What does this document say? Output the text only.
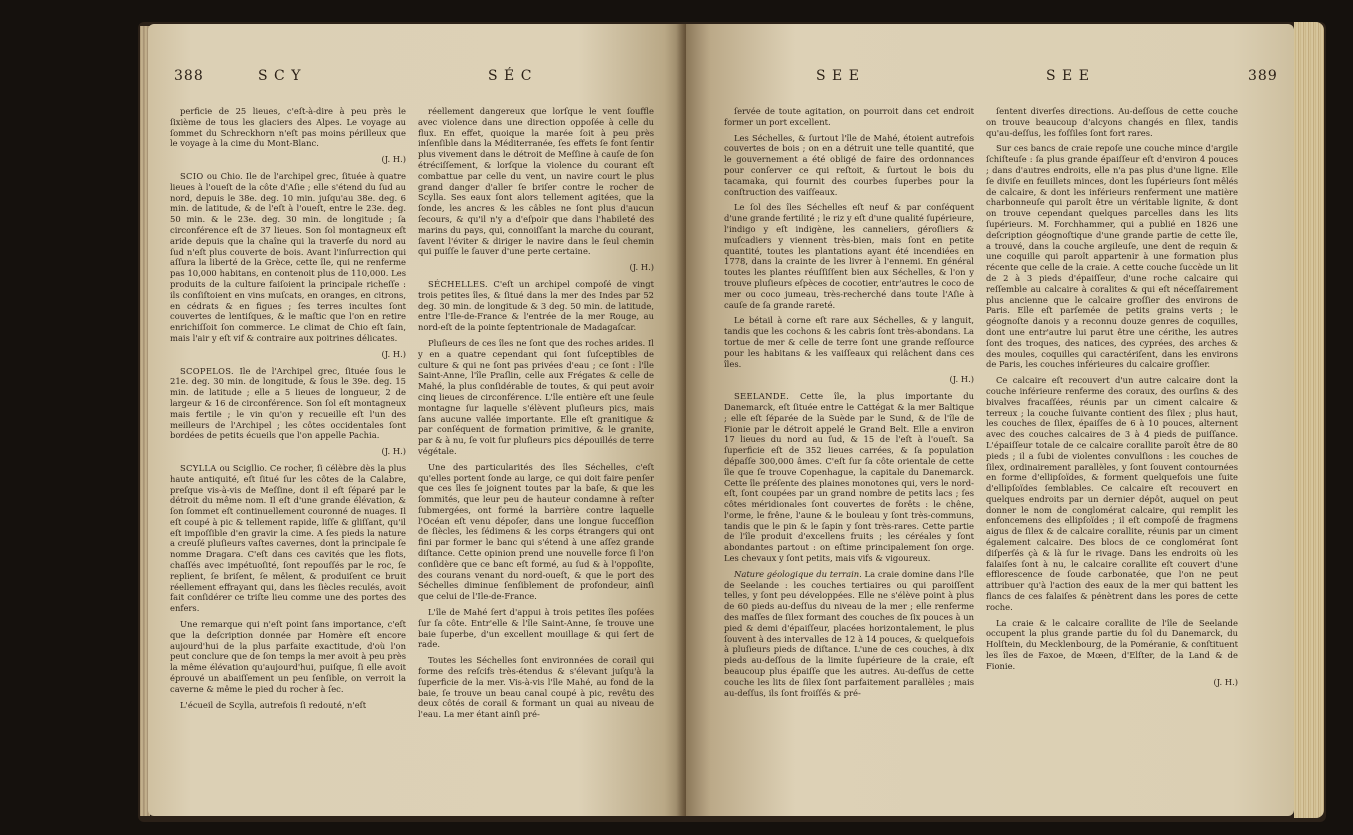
388	S C Y	S É C

perficie de 25 lieues, c'eſt-à-dire à peu près le ſixième de tous les glaciers des Alpes. Le voyage au ſommet du Schreckhorn n'eſt pas moins périlleux que le voyage à la cime du Mont-Blanc.

(J. H.)

SCIO ou Chio. Ile de l'archipel grec, ſituée à quatre lieues à l'oueſt de la côte d'Aſie ; elle s'étend du ſud au nord, depuis le 38e. deg. 10 min. juſqu'au 38e. deg. 6 min. de latitude, & de l'eſt à l'oueſt, entre le 23e. deg. 50 min. & le 23e. deg. 30 min. de longitude ; ſa circonférence eſt de 37 lieues. Son ſol montagneux eſt aride depuis que la chaîne qui la traverſe du nord au ſud n'eſt plus couverte de bois. Avant l'inſurrection qui aſſura la liberté de la Grèce, cette île, qui ne renferme pas 10,000 habitans, en contenoit plus de 110,000. Les produits de la culture faiſoient la principale richeſſe : ils conſiſtoient en vins muſcats, en oranges, en citrons, en cédrats & en figues ; ſes terres incultes ſont couvertes de lentiſques, & le maſtic que l'on en retire enrichiſſoit ſon commerce. Le climat de Chio eſt ſain, mais l'air y eſt vif & contraire aux poitrines délicates.

(J. H.)

SCOPELOS. Ile de l'Archipel grec, ſituée ſous le 21e. deg. 30 min. de longitude, & ſous le 39e. deg. 15 min. de latitude ; elle a 5 lieues de longueur, 2 de largeur & 16 de circonférence. Son ſol eſt montagneux mais fertile ; le vin qu'on y recueille eſt l'un des meilleurs de l'Archipel ; les côtes occidentales ſont bordées de petits écueils que l'on appelle Pachia.

(J. H.)

SCYLLA ou Scigllio. Ce rocher, ſi célèbre dès la plus haute antiquité, eſt ſitué ſur les côtes de la Calabre, preſque vis-à-vis de Meſſine, dont il eſt ſéparé par le détroit du même nom. Il eſt d'une grande élévation, & ſon ſommet eſt continuellement couronné de nuages. Il eſt coupé à pic & tellement rapide, liſſe & gliſſant, qu'il eſt impoſſible d'en gravir la cime. A ſes pieds la nature a creuſé pluſieurs vaſtes cavernes, dont la principale ſe nomme Dragara. C'eſt dans ces cavités que les flots, chaſſés avec impétuoſité, ſont repouſſés par le roc, ſe replient, ſe briſent, ſe mêlent, & produiſent ce bruit réellement effrayant qui, dans les ſiècles reculés, avoit fait conſidérer ce triſte lieu comme une des portes des enfers.

Une remarque qui n'eſt point ſans importance, c'eſt que la deſcription donnée par Homère eſt encore aujourd'hui de la plus parfaite exactitude, d'où l'on peut conclure que de ſon temps la mer avoit à peu près la même élévation qu'aujourd'hui, puiſque, ſi elle avoit éprouvé un abaiſſement un peu ſenſible, on verroit la caverne & même le pied du rocher à ſec.

L'écueil de Scylla, autrefois ſi redouté, n'eſt

réellement dangereux que lorſque le vent ſouffle avec violence dans une direction oppoſée à celle du flux. En effet, quoique la marée ſoit à peu près inſenſible dans la Méditerranée, ſes effets ſe font ſentir plus vivement dans le détroit de Meſſine à cauſe de ſon étréciſſement, & lorſque la violence du courant eſt combattue par celle du vent, un navire court le plus grand danger d'aller ſe briſer contre le rocher de Scylla. Ses eaux ſont alors tellement agitées, que la ſonde, les ancres & les câbles ne ſont plus d'aucun ſecours, & qu'il n'y a d'eſpoir que dans l'habileté des marins du pays, qui, connoiſſant la marche du courant, ſavent l'éviter & diriger le navire dans le ſeul chemin qui puiſſe le ſauver d'une perte certaine.

(J. H.)

SÉCHELLES. C'eſt un archipel compoſé de vingt trois petites îles, & ſitué dans la mer des Indes par 52 deg. 30 min. de longitude & 3 deg. 50 min. de latitude, entre l'Ile-de-France & l'entrée de la mer Rouge, au nord-eſt de la pointe ſeptentrionale de Madagaſcar.

Pluſieurs de ces îles ne ſont que des roches arides. Il y en a quatre cependant qui ſont ſuſceptibles de culture & qui ne ſont pas privées d'eau ; ce ſont : l'île Saint-Anne, l'île Praſlin, celle aux Frégates & celle de Mahé, la plus conſidérable de toutes, & qui peut avoir cinq lieues de circonférence. L'île entière eſt une ſeule montagne ſur laquelle s'élèvent pluſieurs pics, mais ſans aucune vallée importante. Elle eſt granitique & par conſéquent de formation primitive, & le granite, par & à nu, ſe voit ſur pluſieurs pics dépouillés de terre végétale.

Une des particularités des îles Séchelles, c'eſt qu'elles portent ſonde au large, ce qui doit faire penſer que ces îles ſe joignent toutes par la baſe, & que les ſommités, que leur peu de hauteur condamne à reſter ſubmergées, ont formé la barrière contre laquelle l'Océan eſt venu dépoſer, dans une longue ſucceſſion de ſiècles, les ſédimens & les corps étrangers qui ont fini par former le banc qui s'étend à une aſſez grande diſtance. Cette opinion prend une nouvelle force ſi l'on conſidère que ce banc eſt formé, au ſud & à l'oppoſite, des courans venant du nord-oueſt, & que le port des Séchelles diminue ſenſiblement de profondeur, ainſi que celui de l'Ile-de-France.

L'île de Mahé ſert d'appui à trois petites îles poſées ſur ſa côte. Entr'elle & l'île Saint-Anne, ſe trouve une baie ſuperbe, d'un excellent mouillage & qui ſert de rade.

Toutes les Séchelles ſont environnées de corail qui forme des reſcifs très-étendus & s'élevant juſqu'à la ſuperficie de la mer. Vis-à-vis l'île Mahé, au fond de la baie, ſe trouve un beau canal coupé à pic, revêtu des deux côtés de corail & formant un quai au niveau de l'eau. La mer étant ainſi pré-

S E E	S E E	389

ſervée de toute agitation, on pourroit dans cet endroit former un port excellent.

Les Séchelles, & ſurtout l'île de Mahé, étoient autrefois couvertes de bois ; on en a détruit une telle quantité, que le gouvernement a été obligé de faire des ordonnances pour conſerver ce qui reſtoit, & ſurtout le bois du tacamaka, qui fournit des courbes ſuperbes pour la conſtruction des vaiſſeaux.

Le ſol des îles Séchelles eſt neuf & par conſéquent d'une grande fertilité ; le riz y eſt d'une qualité ſupérieure, l'indigo y eſt indigène, les canneliers, géroſliers & muſcadiers y viennent très-bien, mais ſont en petite quantité, toutes les plantations ayant été incendiées en 1778, dans la crainte de les livrer à l'ennemi. En général toutes les plantes réuſſiſſent bien aux Séchelles, & l'on y trouve pluſieurs eſpèces de cocotier, entr'autres le coco de mer ou coco jumeau, très-recherché dans toute l'Aſie à cauſe de ſa grande rareté.

Le bétail à corne eſt rare aux Séchelles, & y languit, tandis que les cochons & les cabris ſont très-abondans. La tortue de mer & celle de terre ſont une grande reſſource pour les habitans & les vaiſſeaux qui relâchent dans ces îles.

(J. H.)

SEELANDE. Cette île, la plus importante du Danemarck, eſt ſituée entre le Cattégat & la mer Baltique ; elle eſt ſéparée de la Suède par le Sund, & de l'île de Fionie par le détroit appelé le Grand Belt. Elle a environ 17 lieues du nord au ſud, & 15 de l'eſt à l'oueſt. Sa ſuperficie eſt de 352 lieues carrées, & ſa population dépaſſe 300,000 âmes. C'eſt ſur ſa côte orientale de cette île que ſe trouve Copenhague, la capitale du Danemarck. Cette île préſente des plaines monotones qui, vers le nord-eſt, ſont coupées par un grand nombre de petits lacs ; ſes côtes méridionales ſont couvertes de forêts : le chêne, l'orme, le frêne, l'aune & le bouleau y ſont très-communs, tandis que le pin & le ſapin y ſont très-rares. Cette partie de l'île produit d'excellens fruits ; les céréales y ſont abondantes partout : on eſtime principalement ſon orge. Les chevaux y ſont petits, mais vifs & vigoureux.

Nature géologique du terrain. La craie domine dans l'île de Seelande : les couches tertiaires ou qui paroiſſent telles, y ſont peu développées. Elle ne s'élève point à plus de 60 pieds au-deſſus du niveau de la mer ; elle renferme des maſſes de ſilex formant des couches de ſix pouces à un pied & demi d'épaiſſeur, placées horizontalement, le plus ſouvent à des intervalles de 12 à 14 pouces, & quelquefois à pluſieurs pieds de diſtance. L'une de ces couches, à dix pieds au-deſſous de la limite ſupérieure de la craie, eſt beaucoup plus épaiſſe que les autres. Au-deſſus de cette couche les lits de ſilex ſont parfaitement parallèles ; mais au-deſſus, ils ſont froiſſés & pré-

ſentent diverſes directions. Au-deſſous de cette couche on trouve beaucoup d'alcyons changés en ſilex, tandis qu'au-deſſus, les foſſiles ſont fort rares.

Sur ces bancs de craie repoſe une couche mince d'argile ſchiſteuſe : ſa plus grande épaiſſeur eſt d'environ 4 pouces ; dans d'autres endroits, elle n'a pas plus d'une ligne. Elle ſe diviſe en feuillets minces, dont les ſupérieurs ſont mêlés de calcaire, & dont les inférieurs renferment une matière charbonneuſe qui paroît être un véritable lignite, & dont on trouve cependant quelques parcelles dans les lits ſupérieurs. M. Forchhammer, qui a publié en 1826 une deſcription géognoſtique d'une grande partie de cette île, a trouvé, dans la couche argileuſe, une dent de requin & une coquille qui paroît appartenir à une formation plus récente que celle de la craie. A cette couche ſuccède un lit de 2 à 3 pieds d'épaiſſeur, d'une roche calcaire qui reſſemble au calcaire à coralites & qui eſt néceſſairement plus ancienne que le calcaire groſſier des environs de Paris. Elle eſt parſemée de petits grains verts ; le géognoſte danois y a reconnu douze genres de coquilles, dont une entr'autre lui parut être une cérithe, les autres ſont des troques, des natices, des cyprées, des arches & des moules, coquilles qui caractériſent, dans les environs de Paris, les couches inférieures du calcaire groſſier.

Ce calcaire eſt recouvert d'un autre calcaire dont la couche inférieure renferme des coraux, des ourſins & des bivalves fracaſſées, réunis par un ciment calcaire & terreux ; la couche ſuivante contient des ſilex ; plus haut, les couches de ſilex, épaiſſes de 6 à 10 pouces, alternent avec des couches calcaires de 3 à 4 pieds de puiſſance. L'épaiſſeur totale de ce calcaire corallite paroît être de 80 pieds ; il a ſubi de violentes convulſions : les couches de ſilex, ordinairement parallèles, y ſont ſouvent contournées en forme d'ellipſoïdes, & forment quelquefois une ſuite d'ellipſoïdes ſemblables. Ce calcaire eſt recouvert en quelques endroits par un dernier dépôt, auquel on peut donner le nom de conglomérat calcaire, qui remplit les enfoncemens des ellipſoïdes ; il eſt compoſé de fragmens aigus de ſilex & de calcaire corallite, réunis par un ciment également calcaire. Des blocs de ce conglomérat ſont diſperſés çà & là ſur le rivage. Dans les endroits où les falaiſes ſont à nu, le calcaire corallite eſt couvert d'une efflorescence de ſoude carbonatée, que l'on ne peut attribuer qu'à l'action des eaux de la mer qui battent les flancs de ces falaiſes & pénètrent dans les pores de cette roche.

La craie & le calcaire corallite de l'île de Seelande occupent la plus grande partie du ſol du Danemarck, du Holſtein, du Mecklenbourg, de la Poméranie, & conſtituent les îles de Faxoe, de Mœen, d'Elſter, de la Land & de Fionie.

(J. H.)
